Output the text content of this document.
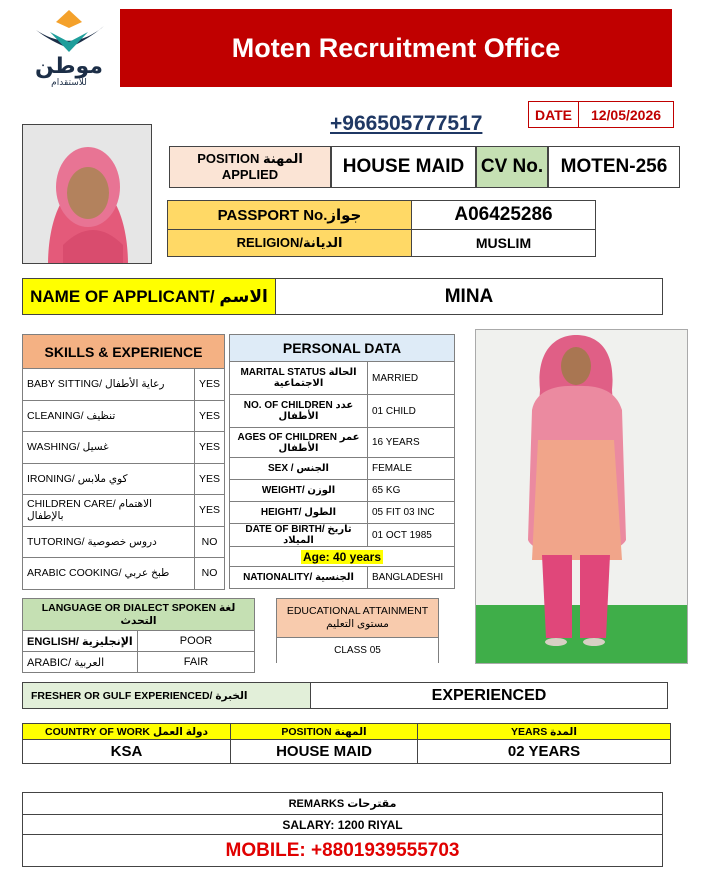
موطن
للاستقدام
Moten Recruitment Office
DATE	12/05/2026
+966505777517
POSITION المهنة APPLIED	HOUSE MAID CV No. MOTEN-256
PASSPORT No.جواز	A06425286
RELIGION/الديانة	MUSLIM
NAME OF APPLICANT/ الاسم	MINA
SKILLS & EXPERIENCE	
BABY SITTING/ رعاية الأطفال	YES
CLEANING/ تنظيف	YES
WASHING/ غسيل	YES
IRONING/ كوي ملابس	YES
CHILDREN CARE/ الاهتمام بالإطفال	YES
TUTORING/ دروس خصوصية	NO
ARABIC COOKING/ طبخ عربي	NO
PERSONAL DATA	
MARITAL STATUS الحالة الاجتماعية	MARRIED
NO. OF CHILDREN عدد الأطفال	01 CHILD
AGES OF CHILDREN عمر الأطفال	16 YEARS
SEX / الجنس	FEMALE
WEIGHT/ الوزن	65 KG
HEIGHT/ الطول	05 FIT 03 INC
DATE OF BIRTH/ تاريخ الميلاد	01 OCT 1985
Age: 40 years	
NATIONALITY/ الجنسية	BANGLADESHI
LANGUAGE OR DIALECT SPOKEN لغة التحدث	
ENGLISH/ الإنجليزية	POOR
ARABIC/ العربية	FAIR
EDUCATIONAL ATTAINMENT مستوى التعليم
CLASS 05
FRESHER OR GULF EXPERIENCED/ الخبرة	EXPERIENCED
COUNTRY OF WORK دولة العمل	POSITION المهنة	YEARS المدة
KSA	HOUSE MAID	02 YEARS
REMARKS مقترحات
SALARY: 1200 RIYAL
MOBILE: +8801939555703
